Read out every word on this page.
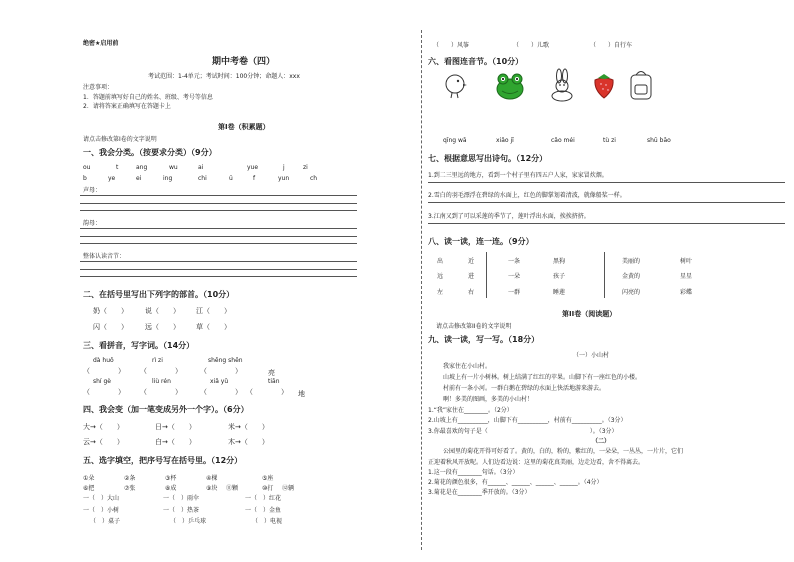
绝密★启用前
期中考卷（四）
考试范围：1-4单元；考试时间：100分钟；命题人：xxx
注意事项：
1．答题前填写好自己的姓名、班级、考号等信息
2．请将答案正确填写在答题卡上
第I卷（积累题）
请点击修改第I卷的文字说明
一、我会分类。（按要求分类）（9分）
ou	t	ang	wu	ai	yue	j	zi
b	ye	ei	ing	chi	ü	f	yun	ch
声母：
韵母：
整体认读音节：
二、在括号里写出下列字的部首。（10分）
奶（　　） 说（　　） 江（　　）
闪（　　） 远（　　） 草（　　）
三、看拼音，写字词。（14分）
dà huǒ	rì zi	shēng shēn
（　　　　） （　　　　）	（　　　　）	亮
shí gè	liù rén	xiǎ yǔ	tiān
（　　　　） （　　　　）	（　　　　） （　　　　） 地
四、我会变（加一笔变成另外一个字）。（6分）
大→（　　）	日→（　　）	米→（　　）
云→（　　）	白→（　　）	木→（　　）
五、选字填空，把序号写在括号里。（12分）
①朵	②条	③杯	④棵	⑤座
⑥把	⑦张	⑧成	⑨块	⑩打
⑪颗	⑫辆
一（　）大山	一（　）雨伞	一（　）红花
一（　）小树	一（　）热茶	一（　）金鱼
（　）桌子	（　）乒乓球	（　）电视
（　　）风筝	（　　）儿歌	（　　）自行车
六、看图连音节。（10分）
qīng wā	xiǎo jī	cǎo méi	tù zi	shū bāo
七、根据意思写出诗句。（12分）
1.到二三里远的地方，看到一个村子里有四五户人家，家家冒炊烟。
2.雪白的羽毛漂浮在碧绿的水面上，红色的脚掌划着清波，就像船桨一样。
3.江南又到了可以采莲的季节了，莲叶浮出水面，挨挨挤挤。
八、读一读，连一连。（9分）
出	近	一条	黑狗	美丽的	树叶
远	进	一朵	孩子	金黄的	星星
左	右	一群	睡莲	闪亮的	彩蝶
第II卷（阅读题）
请点击修改第II卷的文字说明
九、读一读，写一写。（18分）
（一）小山村
我家住在小山村。
山坡上有一片小树林。树上结满了红红的苹果。山脚下有一座红色的小楼。
村前有一条小河。一群白鹅在碧绿的水面上快活地游来游去。
啊！多美的图画，多美的小山村！
1.“我”家住在________。（2分）
2.山坡上有__________，山脚下有__________，村前有__________。（3分）
3.你最喜欢的句子是（　　　　　　　　　　　　　　　　　）。（3分）
（二）
公园里的菊花开得可好看了。黄的，白的，粉的，紫红的，一朵朵，一丛丛，一片片，它们
正迎着秋风开放呢。人们边看边说：这里的菊花真美丽，边走边看，舍不得离去。
1.这一段有________句话。（3分）
2.菊花的颜色很多，有______、______、______、______。（4分）
3.菊花是在________季开放的。（3分）
